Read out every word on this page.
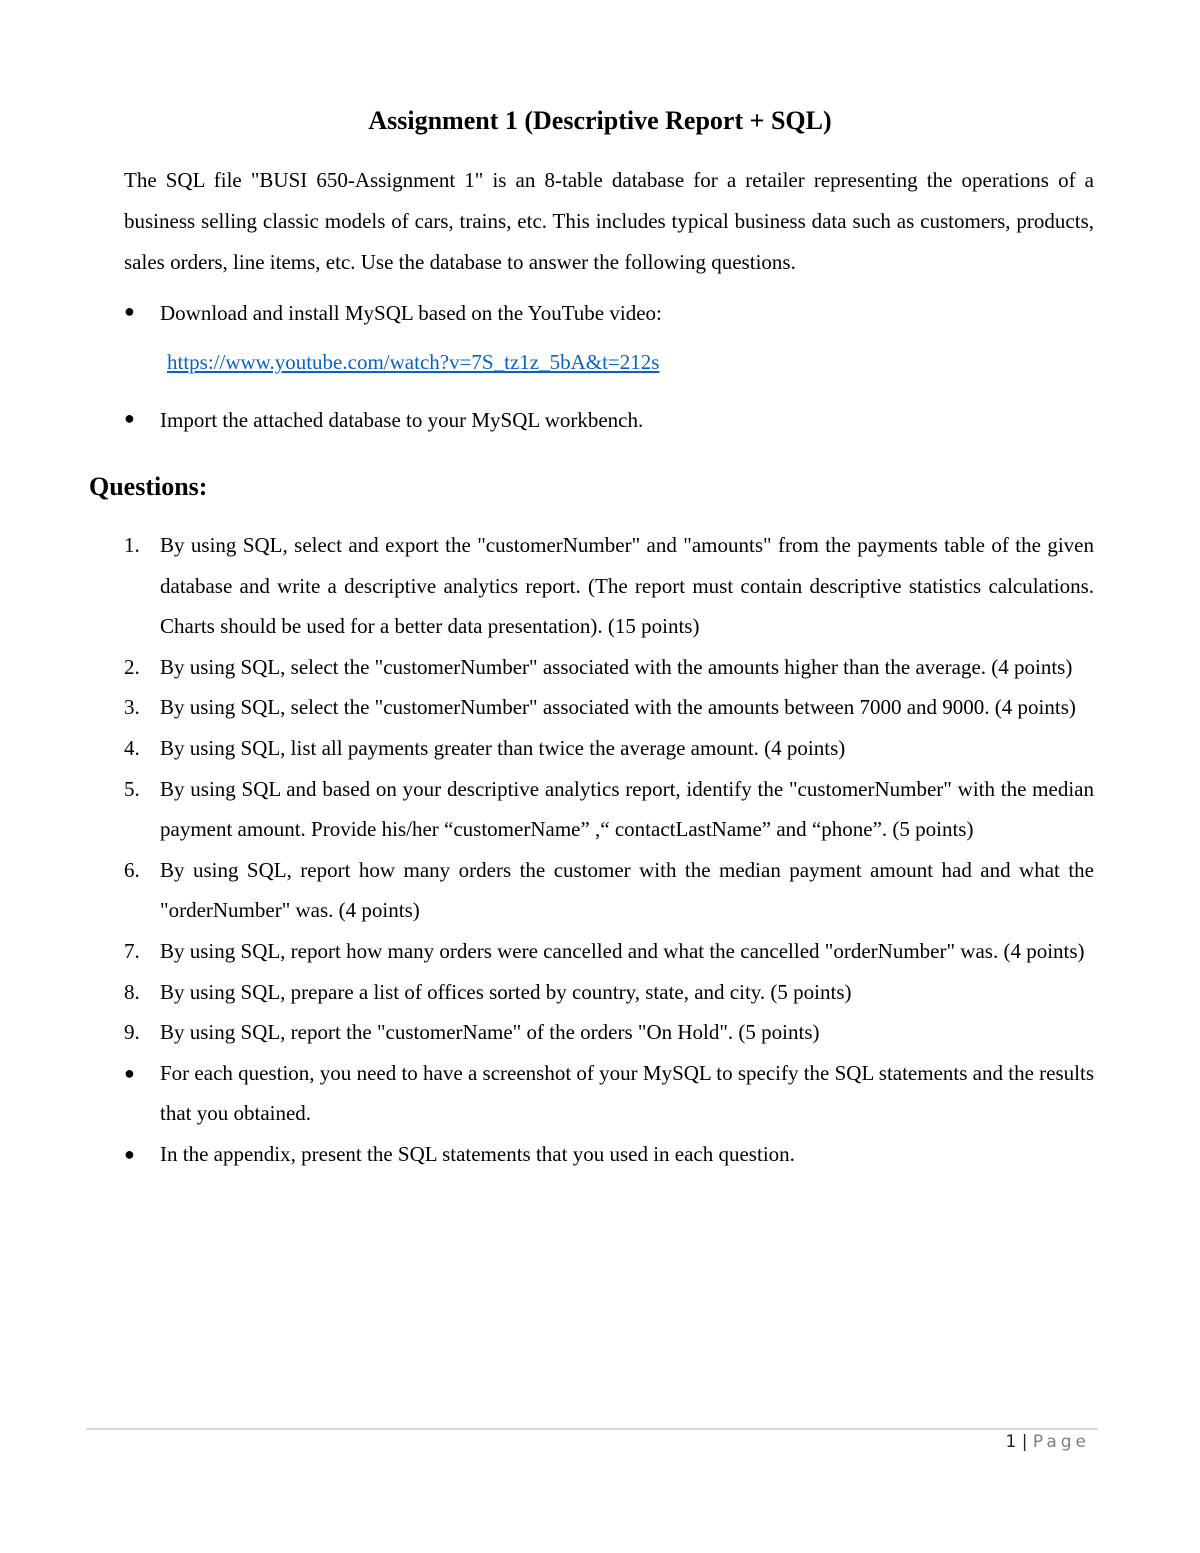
Assignment 1 (Descriptive Report + SQL)

The SQL file "BUSI 650-Assignment 1" is an 8-table database for a retailer representing the operations of a business selling classic models of cars, trains, etc. This includes typical business data such as customers, products, sales orders, line items, etc. Use the database to answer the following questions.

●	Download and install MySQL based on the YouTube video:
https://www.youtube.com/watch?v=7S_tz1z_5bA&t=212s
●	Import the attached database to your MySQL workbench.
Questions:
1. By using SQL, select and export the "customerNumber" and "amounts" from the payments table of the given database and write a descriptive analytics report. (The report must contain descriptive statistics calculations. Charts should be used for a better data presentation). (15 points)
2. By using SQL, select the "customerNumber" associated with the amounts higher than the average. (4 points)
3. By using SQL, select the "customerNumber" associated with the amounts between 7000 and 9000. (4 points)
4. By using SQL, list all payments greater than twice the average amount. (4 points)
5. By using SQL and based on your descriptive analytics report, identify the "customerNumber" with the median payment amount. Provide his/her “customerName” ,“ contactLastName” and “phone”. (5 points)
6. By using SQL, report how many orders the customer with the median payment amount had and what the "orderNumber" was. (4 points)
7. By using SQL, report how many orders were cancelled and what the cancelled "orderNumber" was. (4 points)
8. By using SQL, prepare a list of offices sorted by country, state, and city. (5 points)
9. By using SQL, report the "customerName" of the orders "On Hold". (5 points)
● For each question, you need to have a screenshot of your MySQL to specify the SQL statements and the results that you obtained.
● In the appendix, present the SQL statements that you used in each question.
1 | Page
